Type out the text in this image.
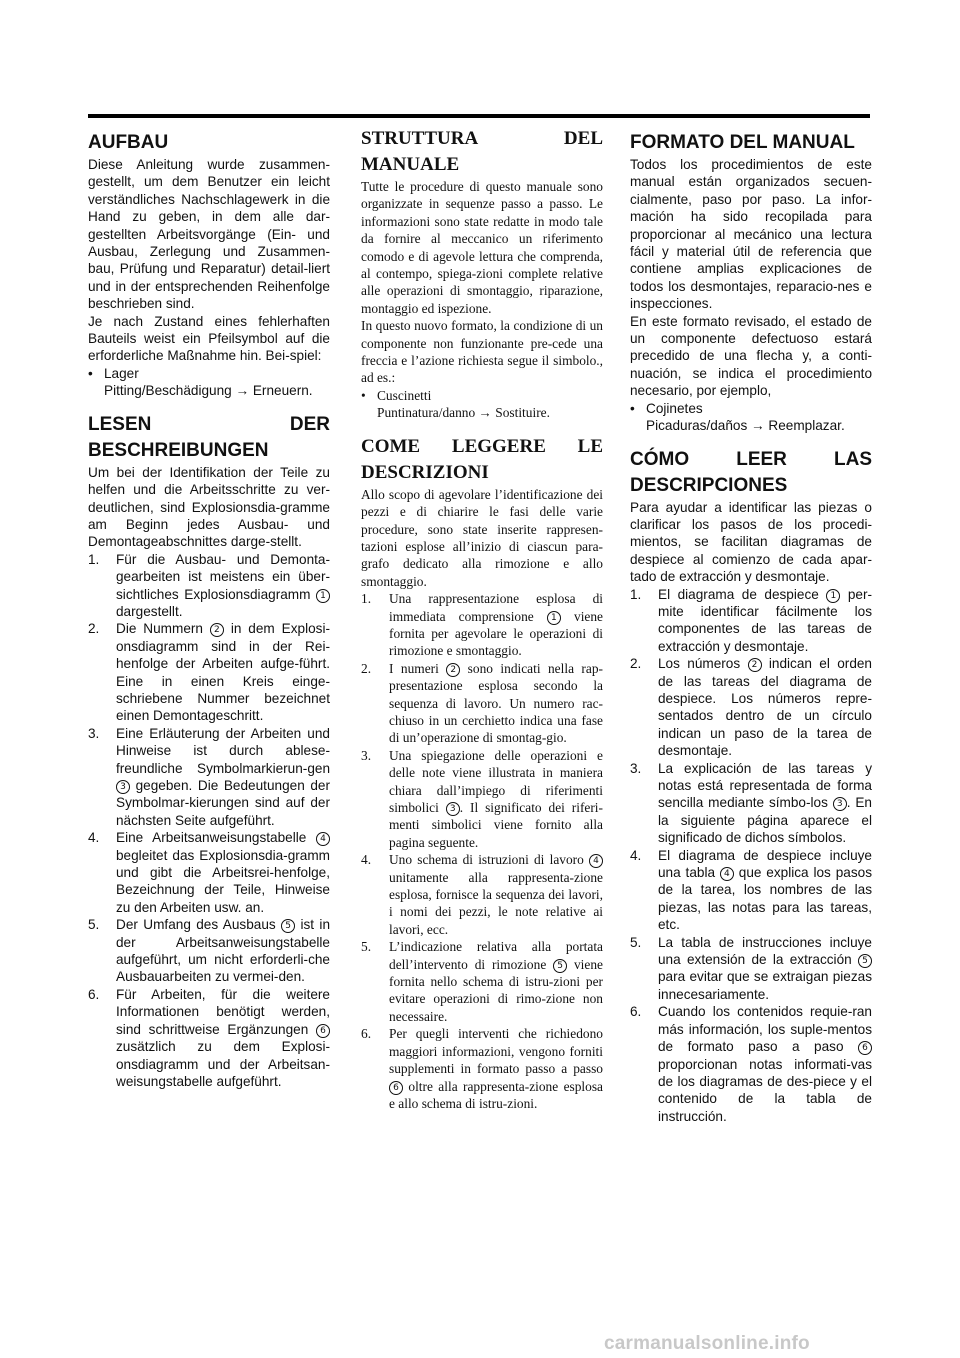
AUFBAU

Diese Anleitung wurde zusammen-gestellt, um dem Benutzer ein leicht verständliches Nachschlagewerk in die Hand zu geben, in dem alle dar-gestellten Arbeitsvorgänge (Ein- und Ausbau, Zerlegung und Zusammen-bau, Prüfung und Reparatur) detail-liert und in der entsprechenden Reihenfolge beschrieben sind.

Je nach Zustand eines fehlerhaften Bauteils weist ein Pfeilsymbol auf die erforderliche Maßnahme hin. Bei-spiel:

• Lager
Pitting/Beschädigung → Erneuern.
LESEN DER BESCHREIBUNGEN

Um bei der Identifikation der Teile zu helfen und die Arbeitsschritte zu ver-deutlichen, sind Explosionsdia-gramme am Beginn jedes Ausbau- und Demontageabschnittes darge-stellt.

1.	Für die Ausbau- und Demonta-gearbeiten ist meistens ein über-sichtliches Explosionsdiagramm 1 dargestellt.
2.	Die Nummern 2 in dem Explosi-onsdiagramm sind in der Rei-henfolge der Arbeiten aufge-führt. Eine in einen Kreis einge-schriebene Nummer bezeichnet einen Demontageschritt.
3.	Eine Erläuterung der Arbeiten und Hinweise ist durch ablese-freundliche Symbolmarkierun-gen 3 gegeben. Die Bedeutungen der Symbolmar-kierungen sind auf der nächsten Seite aufgeführt.
4.	Eine Arbeitsanweisungstabelle 4 begleitet das Explosionsdia-gramm und gibt die Arbeitsrei-henfolge, Bezeichnung der Teile, Hinweise zu den Arbeiten usw. an.
5.	Der Umfang des Ausbaus 5 ist in der Arbeitsanweisungstabelle aufgeführt, um nicht erforderli-che Ausbauarbeiten zu vermei-den.
6.	Für Arbeiten, für die weitere Informationen benötigt werden, sind schrittweise Ergänzungen 6 zusätzlich zu dem Explosi-onsdiagramm und der Arbeitsan-weisungstabelle aufgeführt.
STRUTTURA DEL MANUALE

Tutte le procedure di questo manuale sono organizzate in sequenze passo a passo. Le informazioni sono state redatte in modo tale da fornire al meccanico un riferimento comodo e di agevole lettura che comprenda, al contempo, spiega-zioni complete relative alle operazioni di smontaggio, riparazione, montaggio ed ispezione.

In questo nuovo formato, la condizione di un componente non funzionante pre-cede una freccia e l’azione richiesta segue il simbolo., ad es.:

• Cuscinetti
Puntinatura/danno → Sostituire.
COME LEGGERE LE DESCRIZIONI

Allo scopo di agevolare l’identificazione dei pezzi e di chiarire le fasi delle varie procedure, sono state inserite rappresen-tazioni esplose all’inizio di ciascun para-grafo dedicato alla rimozione e allo smontaggio.

1.	Una rappresentazione esplosa di immediata comprensione 1 viene fornita per agevolare le operazioni di rimozione e smontaggio.
2.	I numeri 2 sono indicati nella rap-presentazione esplosa secondo la sequenza di lavoro. Un numero rac-chiuso in un cerchietto indica una fase di un’operazione di smontag-gio.
3.	Una spiegazione delle operazioni e delle note viene illustrata in maniera chiara dall’impiego di riferimenti simbolici 3 . Il significato dei riferi-menti simbolici viene fornito alla pagina seguente.
4.	Uno schema di istruzioni di lavoro 4 unitamente alla rappresenta-zione esplosa, fornisce la sequenza dei lavori, i nomi dei pezzi, le note relative ai lavori, ecc.
5.	L’indicazione relativa alla portata dell’intervento di rimozione 5 viene fornita nello schema di istru-zioni per evitare operazioni di rimo-zione non necessaire.
6.	Per quegli interventi che richiedono maggiori informazioni, vengono forniti supplementi in formato passo a passo 6 oltre alla rappresenta-zione esplosa e allo schema di istru-zioni.
FORMATO DEL MANUAL

Todos los procedimientos de este manual están organizados secuen-cialmente, paso por paso. La infor-mación ha sido recopilada para proporcionar al mecánico una lectura fácil y material útil de referencia que contiene amplias explicaciones de todos los desmontajes, reparacio-nes e inspecciones.

En este formato revisado, el estado de un componente defectuoso estará precedido de una flecha y, a conti-nuación, se indica el procedimiento necesario, por ejemplo,

• Cojinetes
Picaduras/daños → Reemplazar.
CÓMO LEER LAS DESCRIPCIONES

Para ayudar a identificar las piezas o clarificar los pasos de los procedi-mientos, se facilitan diagramas de despiece al comienzo de cada apar-tado de extracción y desmontaje.

1.	El diagrama de despiece 1 per-mite identificar fácilmente los componentes de las tareas de extracción y desmontaje.
2.	Los números 2 indican el orden de las tareas del diagrama de despiece. Los números repre-sentados dentro de un círculo indican un paso de la tarea de desmontaje.
3.	La explicación de las tareas y notas está representada de forma sencilla mediante símbo-los 3 . En la siguiente página aparece el significado de dichos símbolos.
4.	El diagrama de despiece incluye una tabla 4 que explica los pasos de la tarea, los nombres de las piezas, las notas para las tareas, etc.
5.	La tabla de instrucciones incluye una extensión de la extracción 5 para evitar que se extraigan piezas innecesariamente.
6.	Cuando los contenidos requie-ran más información, los suple-mentos de formato paso a paso 6 proporcionan notas informati-vas de los diagramas de des-piece y el contenido de la tabla de instrucción.
carmanualsonline.info
